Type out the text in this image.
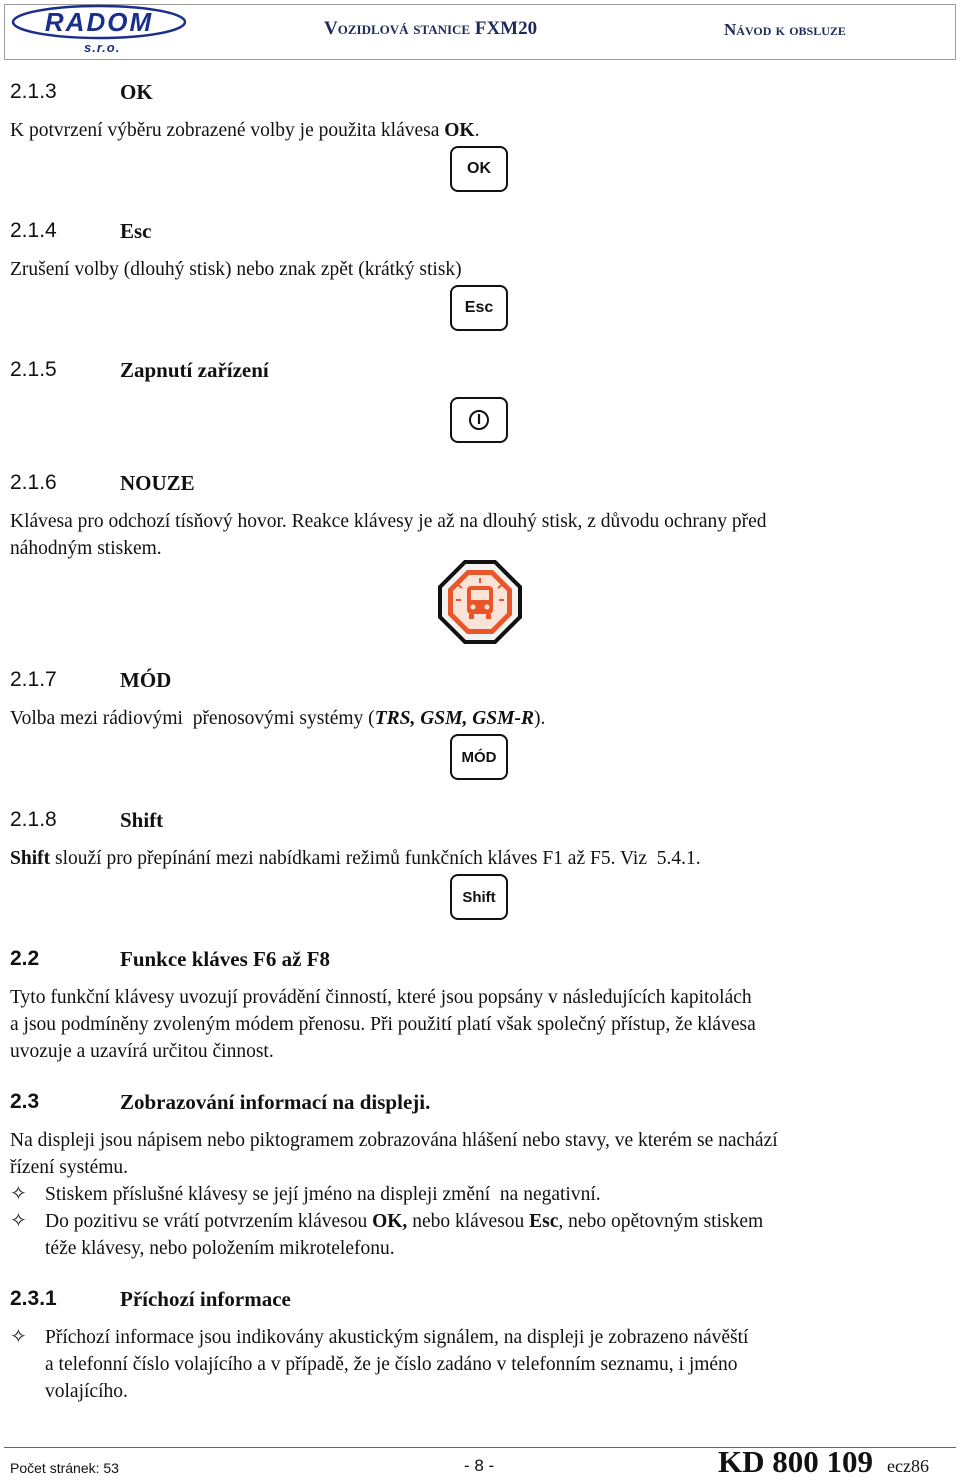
RADOM
s.r.o.
Vozidlová stanice FXM20	Návod k obsluze
2.1.3	OK
K potvrzení výběru zobrazené volby je použita klávesa OK.
OK
2.1.4	Esc
Zrušení volby (dlouhý stisk) nebo znak zpět (krátký stisk)
Esc
2.1.5	Zapnutí zařízení
2.1.6	NOUZE
Klávesa pro odchozí tísňový hovor. Reakce klávesy je až na dlouhý stisk, z důvodu ochrany před
náhodným stiskem.
2.1.7	MÓD
Volba mezi rádiovými  přenosovými systémy (TRS, GSM, GSM-R).
MÓD
2.1.8	Shift
Shift slouží pro přepínání mezi nabídkami režimů funkčních kláves F1 až F5. Viz  5.4.1.
Shift
2.2	Funkce kláves F6 až F8
Tyto funkční klávesy uvozují provádění činností, které jsou popsány v následujících kapitolách
a jsou podmíněny zvoleným módem přenosu. Při použití platí však společný přístup, že klávesa
uvozuje a uzavírá určitou činnost.
2.3	Zobrazování informací na displeji.
Na displeji jsou nápisem nebo piktogramem zobrazována hlášení nebo stavy, ve kterém se nachází
řízení systému.
✧ Stiskem příslušné klávesy se její jméno na displeji změní  na negativní.
✧ Do pozitivu se vrátí potvrzením klávesou OK, nebo klávesou Esc, nebo opětovným stiskem
téže klávesy, nebo položením mikrotelefonu.
2.3.1	Příchozí informace
✧ Příchozí informace jsou indikovány akustickým signálem, na displeji je zobrazeno návěští
a telefonní číslo volajícího a v případě, že je číslo zadáno v telefonním seznamu, i jméno
volajícího.
Počet stránek: 53	- 8 -	KD 800 109 ecz86
